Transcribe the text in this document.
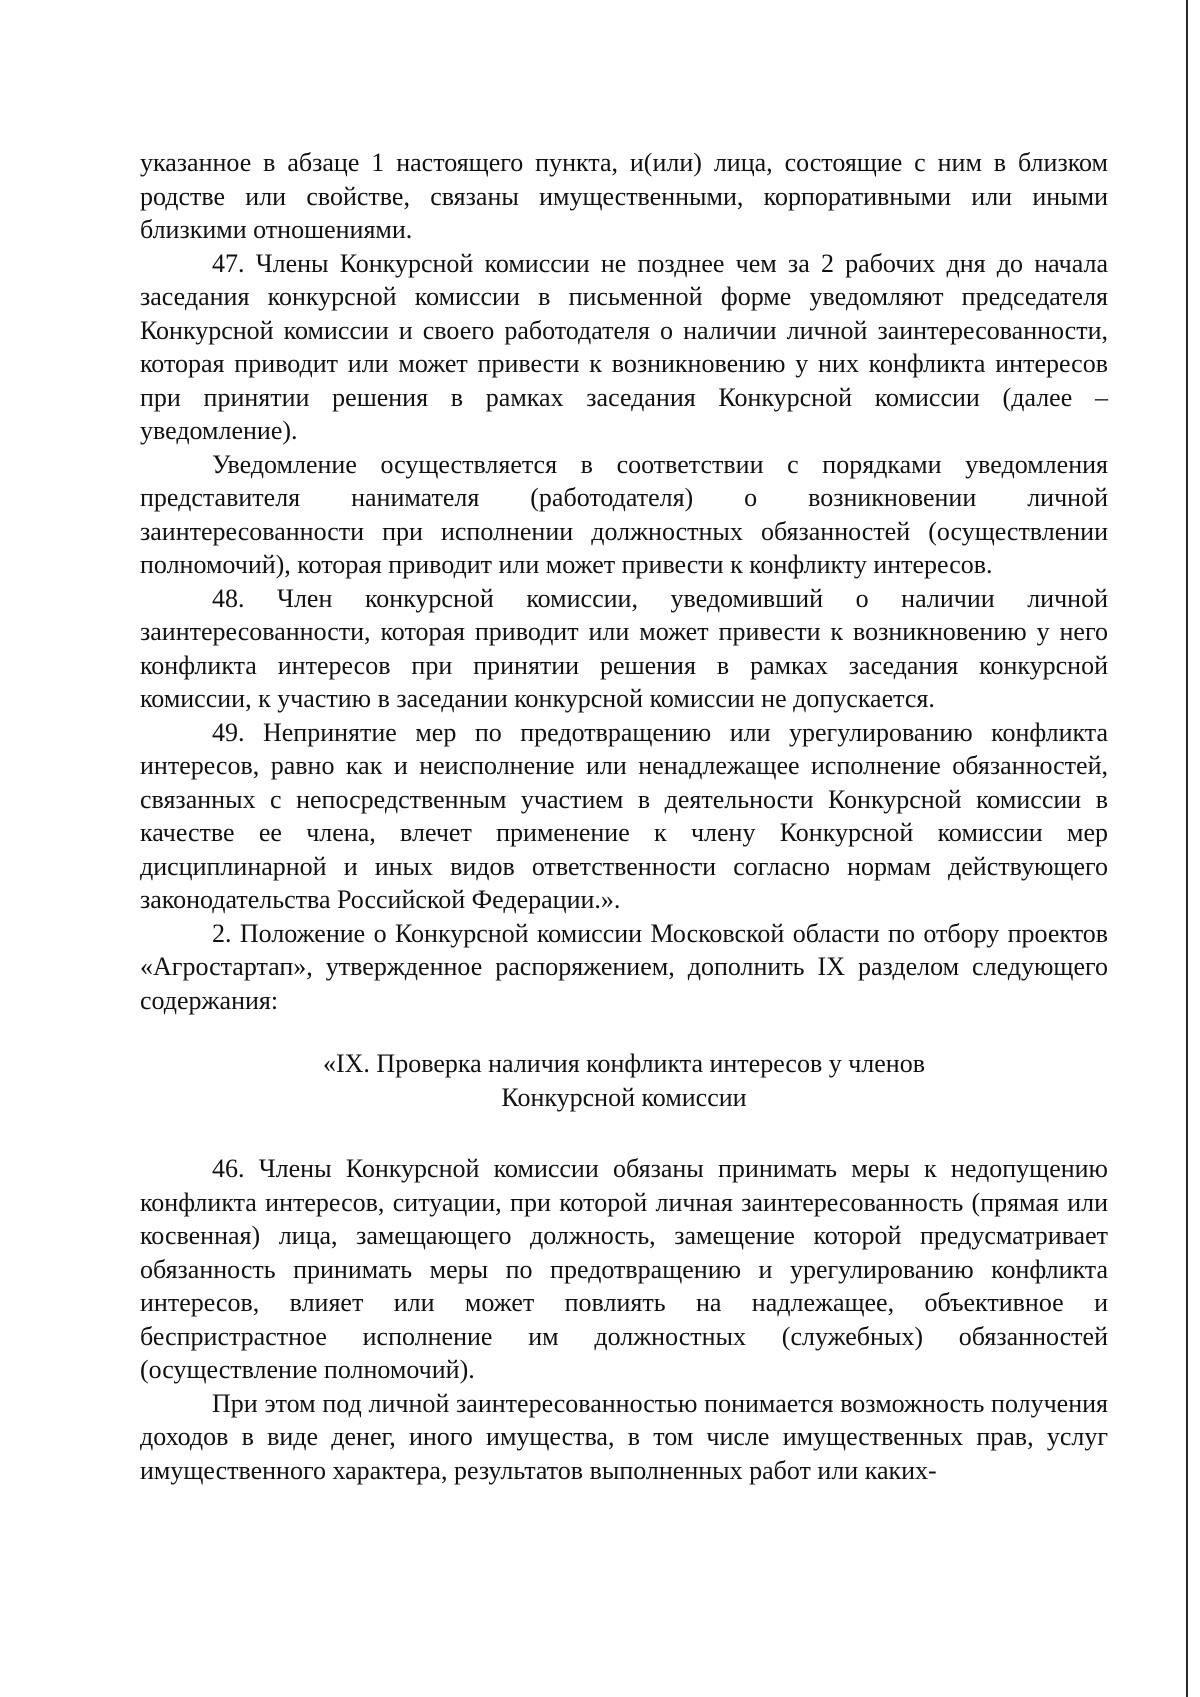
указанное в абзаце 1 настоящего пункта, и(или) лица, состоящие с ним в близком родстве или свойстве, связаны имущественными, корпоративными или иными близкими отношениями.

47. Члены Конкурсной комиссии не позднее чем за 2 рабочих дня до начала заседания конкурсной комиссии в письменной форме уведомляют председателя Конкурсной комиссии и своего работодателя о наличии личной заинтересованности, которая приводит или может привести к возникновению у них конфликта интересов при принятии решения в рамках заседания Конкурсной комиссии (далее – уведомление).

Уведомление осуществляется в соответствии с порядками уведомления представителя нанимателя (работодателя) о возникновении личной заинтересованности при исполнении должностных обязанностей (осуществлении полномочий), которая приводит или может привести к конфликту интересов.

48. Член конкурсной комиссии, уведомивший о наличии личной заинтересованности, которая приводит или может привести к возникновению у него конфликта интересов при принятии решения в рамках заседания конкурсной комиссии, к участию в заседании конкурсной комиссии не допускается.

49. Непринятие мер по предотвращению или урегулированию конфликта интересов, равно как и неисполнение или ненадлежащее исполнение обязанностей, связанных с непосредственным участием в деятельности Конкурсной комиссии в качестве ее члена, влечет применение к члену Конкурсной комиссии мер дисциплинарной и иных видов ответственности согласно нормам действующего законодательства Российской Федерации.».

2. Положение о Конкурсной комиссии Московской области по отбору проектов «Агростартап», утвержденное распоряжением, дополнить IX разделом следующего содержания:

«IX. Проверка наличия конфликта интересов у членов
Конкурсной комиссии

46. Члены Конкурсной комиссии обязаны принимать меры к недопущению конфликта интересов, ситуации, при которой личная заинтересованность (прямая или косвенная) лица, замещающего должность, замещение которой предусматривает обязанность принимать меры по предотвращению и урегулированию конфликта интересов, влияет или может повлиять на надлежащее, объективное и беспристрастное исполнение им должностных (служебных) обязанностей (осуществление полномочий).

При этом под личной заинтересованностью понимается возможность получения доходов в виде денег, иного имущества, в том числе имущественных прав, услуг имущественного характера, результатов выполненных работ или каких-
